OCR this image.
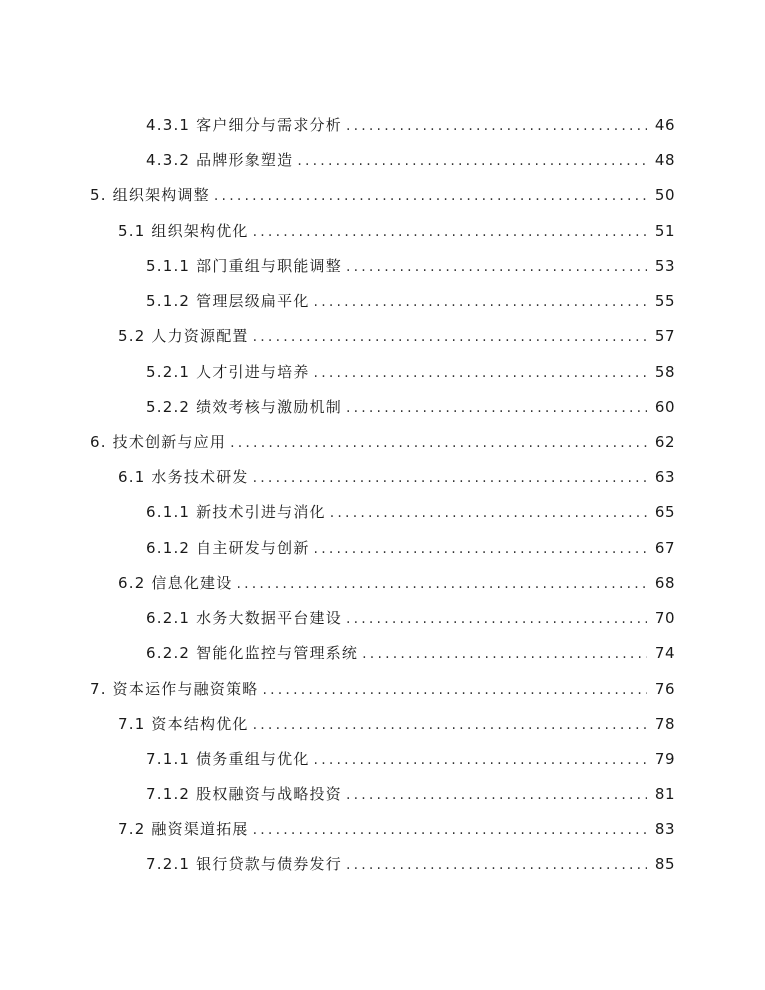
4.3.1 客户细分与需求分析 .....	46
4.3.2 品牌形象塑造 .....	48
5. 组织架构调整 .....	50
5.1 组织架构优化 .....	51
5.1.1 部门重组与职能调整 .....	53
5.1.2 管理层级扁平化 .....	55
5.2 人力资源配置 .....	57
5.2.1 人才引进与培养 .....	58
5.2.2 绩效考核与激励机制 .....	60
6. 技术创新与应用 .....	62
6.1 水务技术研发 .....	63
6.1.1 新技术引进与消化 .....	65
6.1.2 自主研发与创新 .....	67
6.2 信息化建设 .....	68
6.2.1 水务大数据平台建设 .....	70
6.2.2 智能化监控与管理系统 .....	74
7. 资本运作与融资策略 .....	76
7.1 资本结构优化 .....	78
7.1.1 债务重组与优化 .....	79
7.1.2 股权融资与战略投资 .....	81
7.2 融资渠道拓展 .....	83
7.2.1 银行贷款与债券发行 .....	85
